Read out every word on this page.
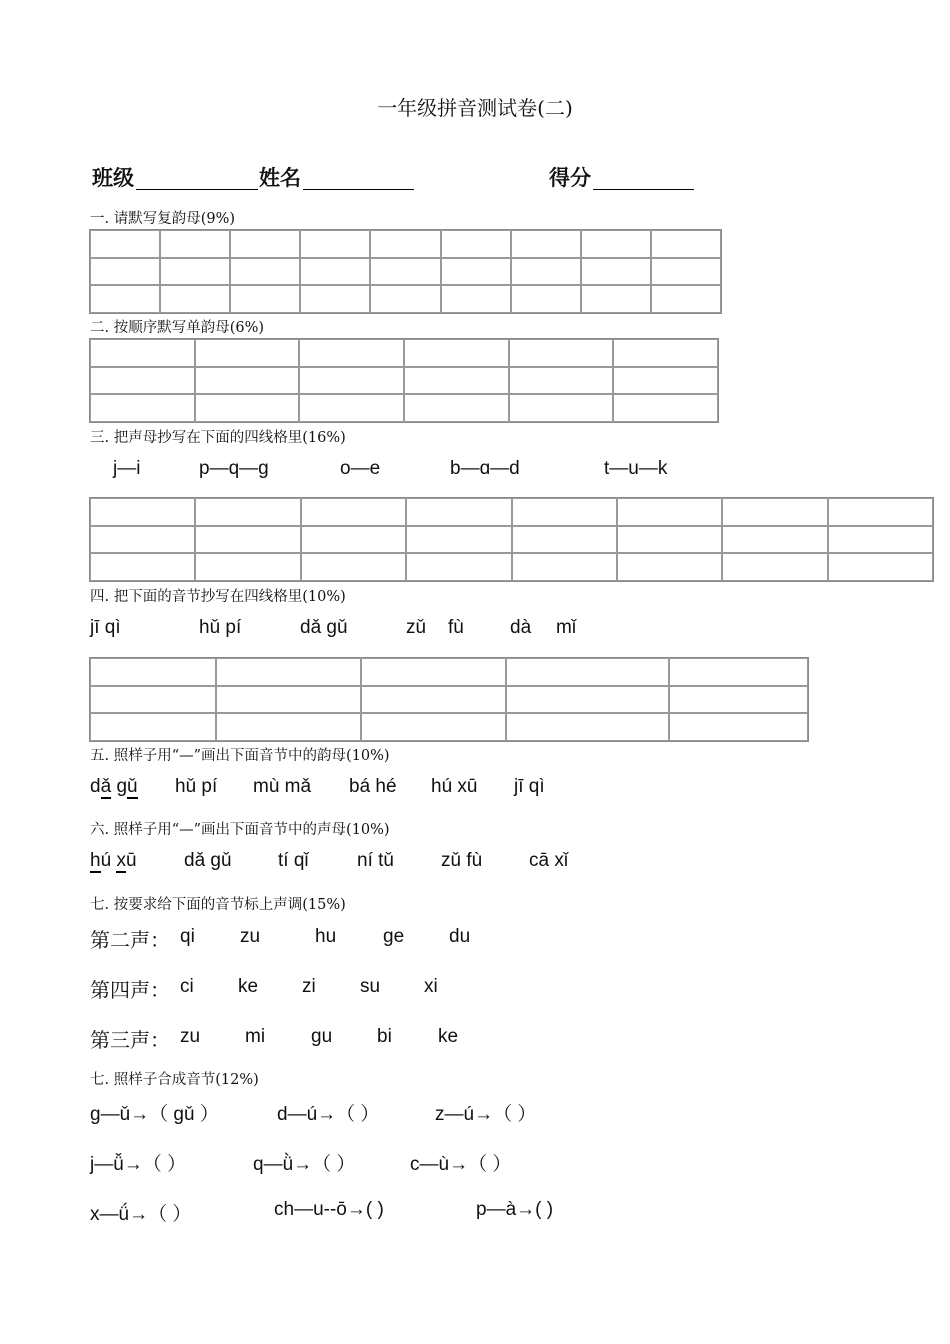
一年级拼音测试卷(二)
班级	姓名	得分
一. 请默写复韵母(9%)

二. 按顺序默写单韵母(6%)

三. 把声母抄写在下面的四线格里(16%)
j—i	p—q—g	o—e	b—ɑ—d	t—u—k

四. 把下面的音节抄写在四线格里(10%)
jī qì	hǔ pí	dǎ gǔ	zǔ fù dà mǐ

五. 照样子用“—”画出下面音节中的韵母(10%)
dǎ gǔ hǔ pí mù mǎ bá hé hú xū jī qì
六. 照样子用“—”画出下面音节中的声母(10%)
hú xū dǎ gǔ tí qǐ	ní tǔ zǔ fù cā xǐ
七. 按要求给下面的音节标上声调(15%)
第二声： qi zu	hu ge du
第四声： ci ke zi su xi
第三声： zu mi gu bi ke
七. 照样子合成音节(12%)
g—ǔ→（ gǔ ）	d—ú→（ ）	z—ú→（ ）
j—ǚ→（ ）	q—ǜ→（ ）	c—ù→（ ）
x—ǘ→（ ）	ch—u--ō→( )	p—à→( )
